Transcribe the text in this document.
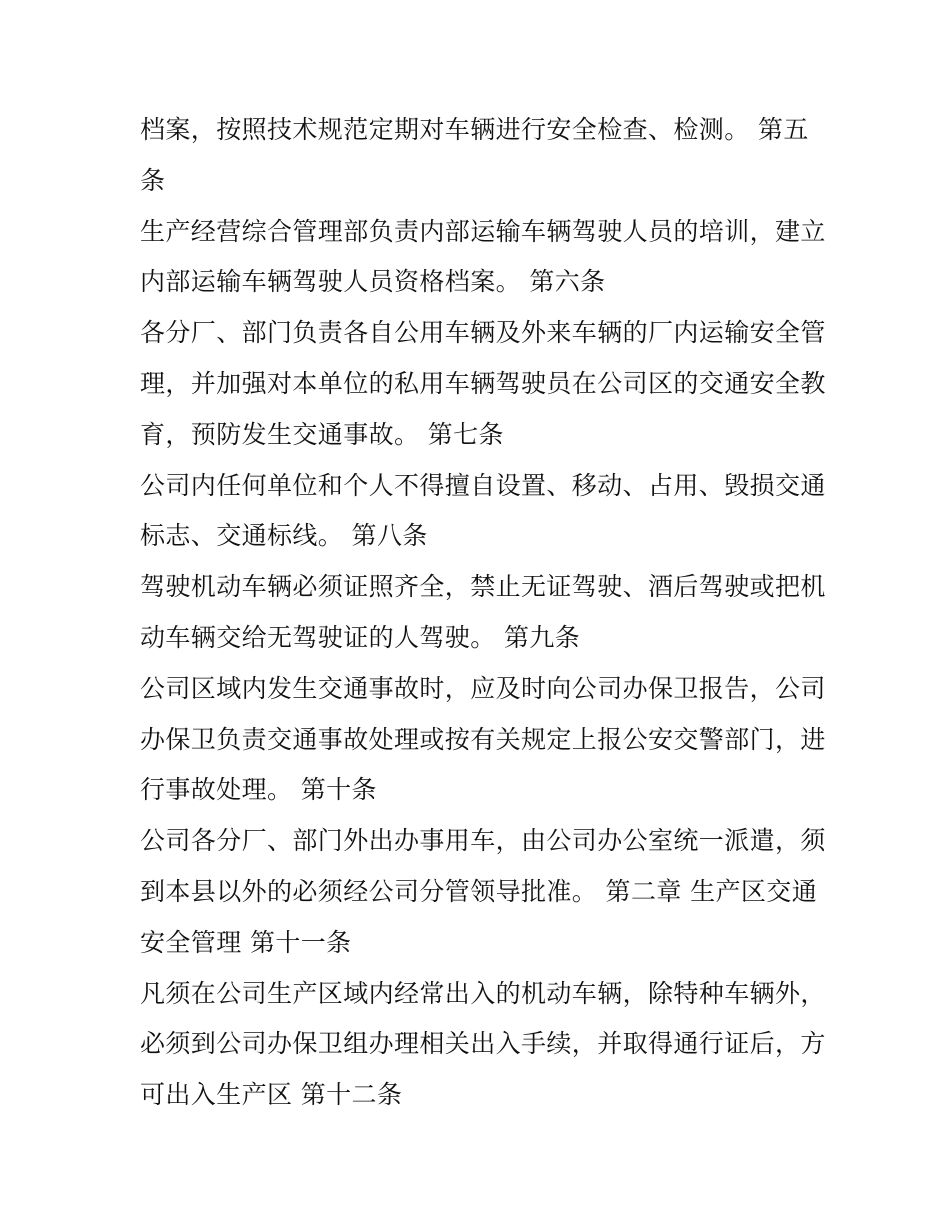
档案，按照技术规范定期对车辆进行安全检查、检测。 第五
条
生产经营综合管理部负责内部运输车辆驾驶人员的培训，建立
内部运输车辆驾驶人员资格档案。 第六条
各分厂、部门负责各自公用车辆及外来车辆的厂内运输安全管
理，并加强对本单位的私用车辆驾驶员在公司区的交通安全教
育，预防发生交通事故。 第七条
公司内任何单位和个人不得擅自设置、移动、占用、毁损交通
标志、交通标线。 第八条
驾驶机动车辆必须证照齐全，禁止无证驾驶、酒后驾驶或把机
动车辆交给无驾驶证的人驾驶。 第九条
公司区域内发生交通事故时，应及时向公司办保卫报告，公司
办保卫负责交通事故处理或按有关规定上报公安交警部门，进
行事故处理。 第十条
公司各分厂、部门外出办事用车，由公司办公室统一派遣，须
到本县以外的必须经公司分管领导批准。 第二章 生产区交通
安全管理 第十一条
凡须在公司生产区域内经常出入的机动车辆，除特种车辆外，
必须到公司办保卫组办理相关出入手续，并取得通行证后，方
可出入生产区 第十二条
